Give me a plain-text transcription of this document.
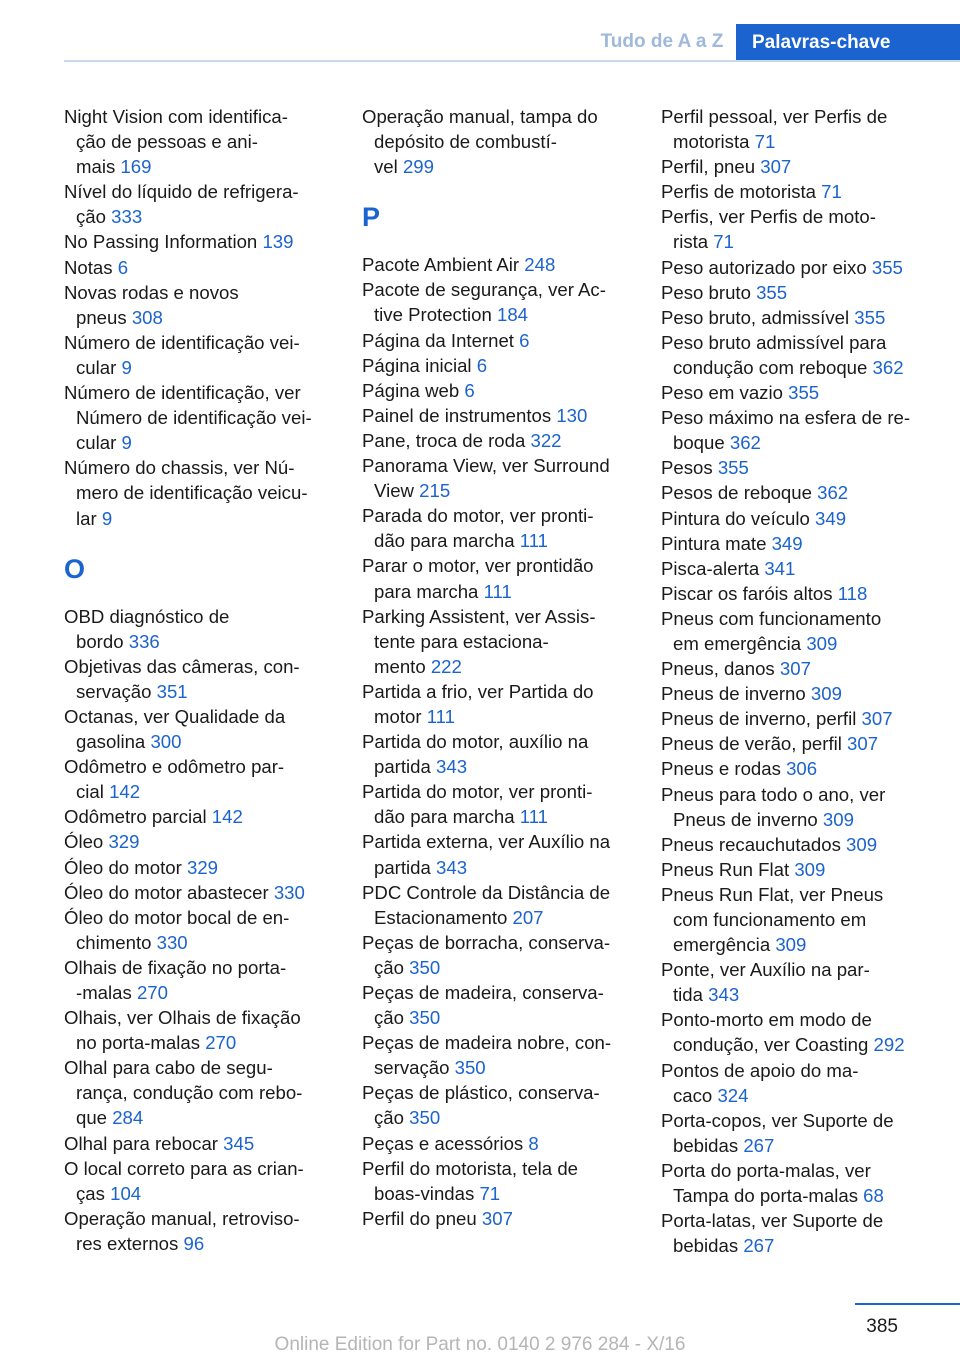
Tudo de A a Z	Palavras-chave
Night Vision com identifica-
ção de pessoas e ani-
mais 169
Nível do líquido de refrigera-
ção 333
No Passing Information 139
Notas 6
Novas rodas e novos
pneus 308
Número de identificação vei-
cular 9
Número de identificação, ver
Número de identificação vei-
cular 9
Número do chassis, ver Nú-
mero de identificação veicu-
lar 9
O
OBD diagnóstico de
bordo 336
Objetivas das câmeras, con-
servação 351
Octanas, ver Qualidade da
gasolina 300
Odômetro e odômetro par-
cial 142
Odômetro parcial 142
Óleo 329
Óleo do motor 329
Óleo do motor abastecer 330
Óleo do motor bocal de en-
chimento 330
Olhais de fixação no porta-
-malas 270
Olhais, ver Olhais de fixação
no porta-malas 270
Olhal para cabo de segu-
rança, condução com rebo-
que 284
Olhal para rebocar 345
O local correto para as crian-
ças 104
Operação manual, retroviso-
res externos 96
Operação manual, tampa do
depósito de combustí-
vel 299
P
Pacote Ambient Air 248
Pacote de segurança, ver Ac-
tive Protection 184
Página da Internet 6
Página inicial 6
Página web 6
Painel de instrumentos 130
Pane, troca de roda 322
Panorama View, ver Surround
View 215
Parada do motor, ver pronti-
dão para marcha 111
Parar o motor, ver prontidão
para marcha 111
Parking Assistent, ver Assis-
tente para estaciona-
mento 222
Partida a frio, ver Partida do
motor 111
Partida do motor, auxílio na
partida 343
Partida do motor, ver pronti-
dão para marcha 111
Partida externa, ver Auxílio na
partida 343
PDC Controle da Distância de
Estacionamento 207
Peças de borracha, conserva-
ção 350
Peças de madeira, conserva-
ção 350
Peças de madeira nobre, con-
servação 350
Peças de plástico, conserva-
ção 350
Peças e acessórios 8
Perfil do motorista, tela de
boas-vindas 71
Perfil do pneu 307
Perfil pessoal, ver Perfis de
motorista 71
Perfil, pneu 307
Perfis de motorista 71
Perfis, ver Perfis de moto-
rista 71
Peso autorizado por eixo 355
Peso bruto 355
Peso bruto, admissível 355
Peso bruto admissível para
condução com reboque 362
Peso em vazio 355
Peso máximo na esfera de re-
boque 362
Pesos 355
Pesos de reboque 362
Pintura do veículo 349
Pintura mate 349
Pisca-alerta 341
Piscar os faróis altos 118
Pneus com funcionamento
em emergência 309
Pneus, danos 307
Pneus de inverno 309
Pneus de inverno, perfil 307
Pneus de verão, perfil 307
Pneus e rodas 306
Pneus para todo o ano, ver
Pneus de inverno 309
Pneus recauchutados 309
Pneus Run Flat 309
Pneus Run Flat, ver Pneus
com funcionamento em
emergência 309
Ponte, ver Auxílio na par-
tida 343
Ponto-morto em modo de
condução, ver Coasting 292
Pontos de apoio do ma-
caco 324
Porta-copos, ver Suporte de
bebidas 267
Porta do porta-malas, ver
Tampa do porta-malas 68
Porta-latas, ver Suporte de
bebidas 267
385
Online Edition for Part no. 0140 2 976 284 - X/16
